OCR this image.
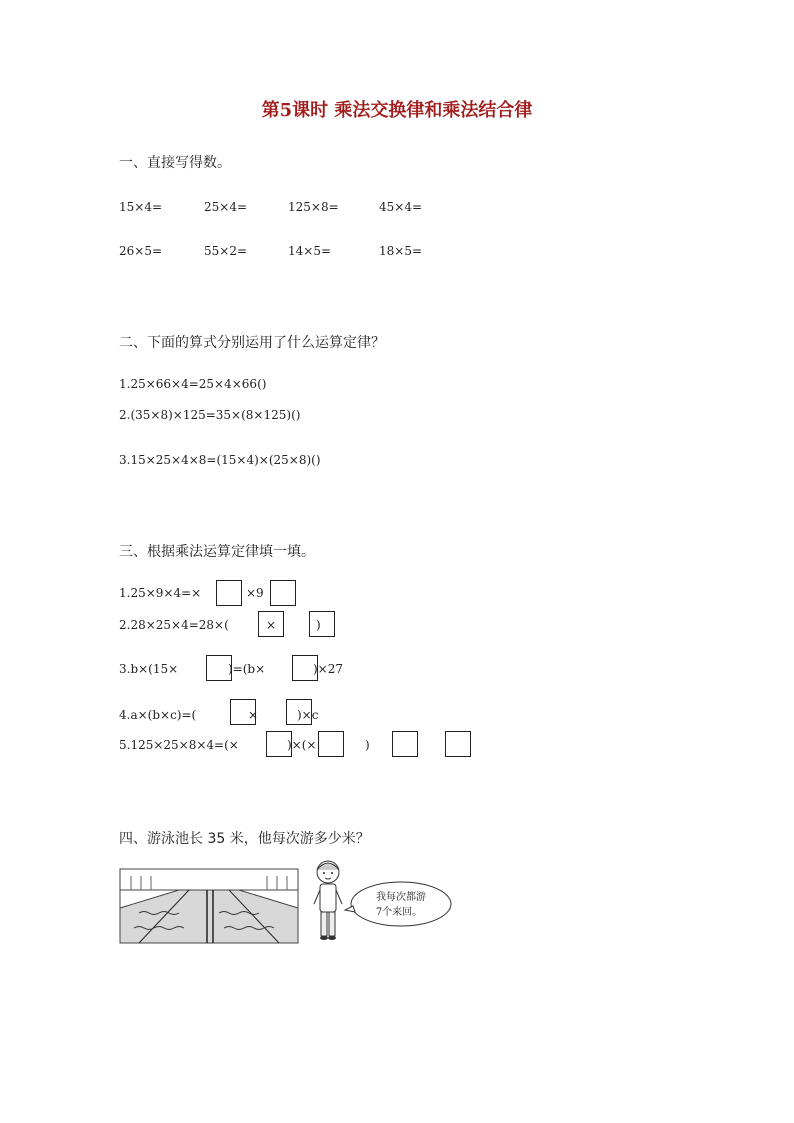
第5课时 乘法交换律和乘法结合律
一、直接写得数。
15×4=	25×4=	125×8=	45×4=
26×5=	55×2=	14×5=	18×5=
二、下面的算式分别运用了什么运算定律？
1.25×66×4=25×4×66()
2.(35×8)×125=35×(8×125)()
3.15×25×4×8=(15×4)×(25×8)()
三、根据乘法运算定律填一填。
1.25×9×4=×	×9
2.28×25×4=28×(	×	)
3.b×(15×	)=(b×	)×27
4.a×(b×c)=(	×	)×c
5.125×25×8×4=(×	)×(×	)
四、游泳池长 35 米，他每次游多少米？
我每次都游
7个来回。
